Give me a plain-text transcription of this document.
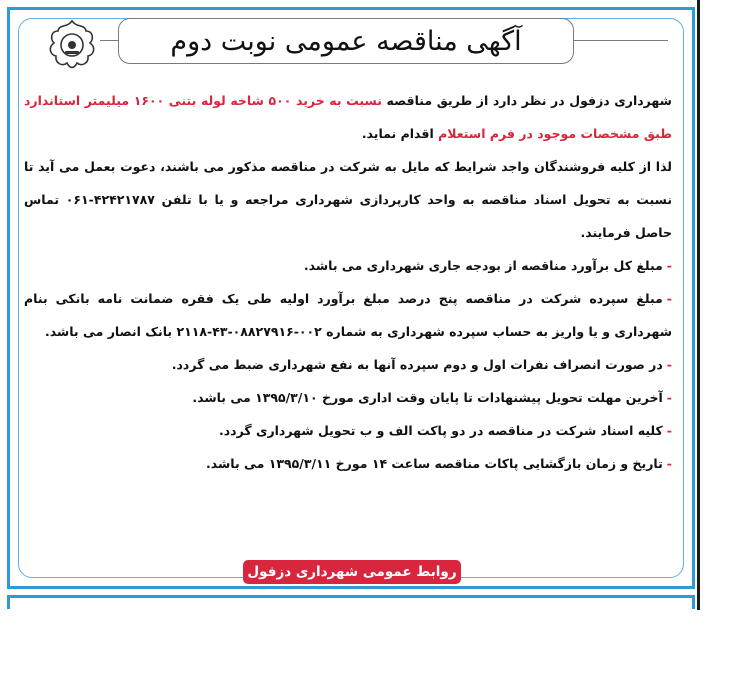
آگهی مناقصه عمومی نوبت دوم

شهرداری دزفول در نظر دارد از طریق مناقصه نسبت به خرید ۵۰۰ شاخه لوله بتنی ۱۶۰۰ میلیمتر استاندارد طبق مشخصات موجود در فرم استعلام اقدام نماید.

لذا از کلیه فروشندگان واجد شرایط که مایل به شرکت در مناقصه مذکور می باشند، دعوت بعمل می آید تا نسبت به تحویل اسناد مناقصه به واحد کارپردازی شهرداری مراجعه و یا با تلفن ۴۲۴۲۱۷۸۷-۰۶۱ تماس حاصل فرمایند.

-مبلغ کل برآورد مناقصه از بودجه جاری شهرداری می باشد.

-مبلغ سپرده شرکت در مناقصه پنج درصد مبلغ برآورد اولیه طی یک فقره ضمانت نامه بانکی بنام شهرداری و یا واریز به حساب سپرده شهرداری به شماره ۰۰۲-۰۸۸۲۷۹۱۶-۴۳-۲۱۱۸ بانک انصار می باشد.

-در صورت انصراف نفرات اول و دوم سپرده آنها به نفع شهرداری ضبط می گردد.

-آخرین مهلت تحویل پیشنهادات تا پایان وقت اداری مورخ ۱۳۹۵/۳/۱۰ می باشد.

-کلیه اسناد شرکت در مناقصه در دو پاکت الف و ب تحویل شهرداری گردد.

-تاریخ و زمان بازگشایی پاکات مناقصه ساعت ۱۴ مورخ ۱۳۹۵/۳/۱۱ می باشد.

روابط عمومی شهرداری دزفول
